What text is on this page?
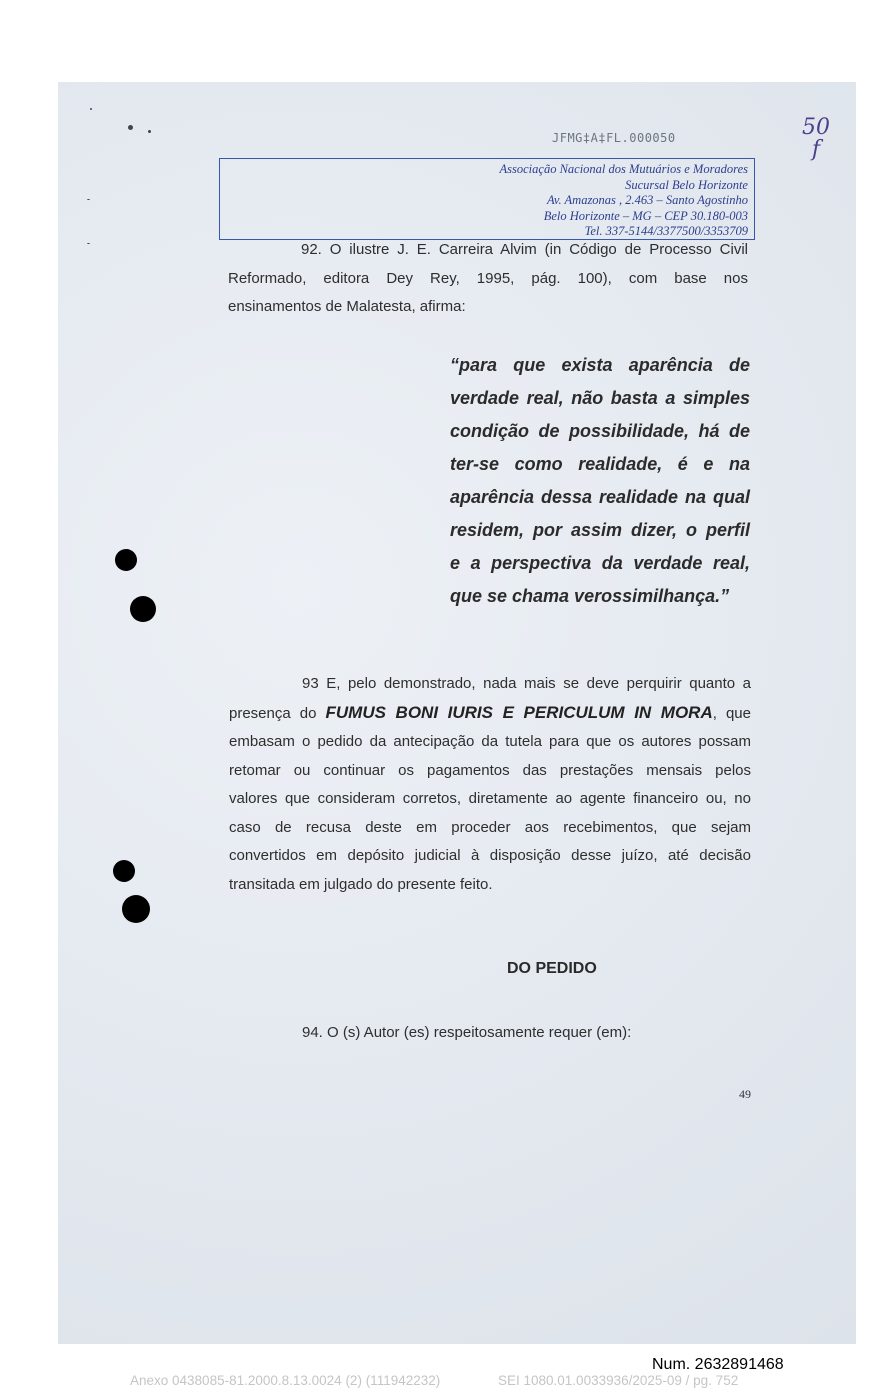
JFMG‡A‡FL.000050	50
f
Associação Nacional dos Mutuários e Moradores
Sucursal Belo Horizonte
Av. Amazonas , 2.463 – Santo Agostinho
Belo Horizonte – MG – CEP 30.180-003
Tel. 337-5144/3377500/3353709
92. O ilustre J. E. Carreira Alvim (in Código de Processo Civil
Reformado, editora Dey Rey, 1995, pág. 100), com base nos
ensinamentos de Malatesta, afirma:
“para que exista aparência de
verdade real, não basta a simples
condição de possibilidade, há de
ter-se como realidade, é e na
aparência dessa realidade na qual
residem, por assim dizer, o perfil
e a perspectiva da verdade real,
que se chama verossimilhança.”
93 E, pelo demonstrado, nada mais se deve perquirir quanto a
presença do FUMUS BONI IURIS E PERICULUM IN MORA, que
embasam o pedido da antecipação da tutela para que os autores possam
retomar ou continuar os pagamentos das prestações mensais pelos
valores que consideram corretos, diretamente ao agente financeiro ou, no
caso de recusa deste em proceder aos recebimentos, que sejam
convertidos em depósito judicial à disposição desse juízo, até decisão
transitada em julgado do presente feito.
DO PEDIDO
94. O (s) Autor (es) respeitosamente requer (em):
49
Num. 2632891468
Anexo 0438085-81.2000.8.13.0024 (2) (111942232)	SEI 1080.01.0033936/2025-09 / pg. 752
